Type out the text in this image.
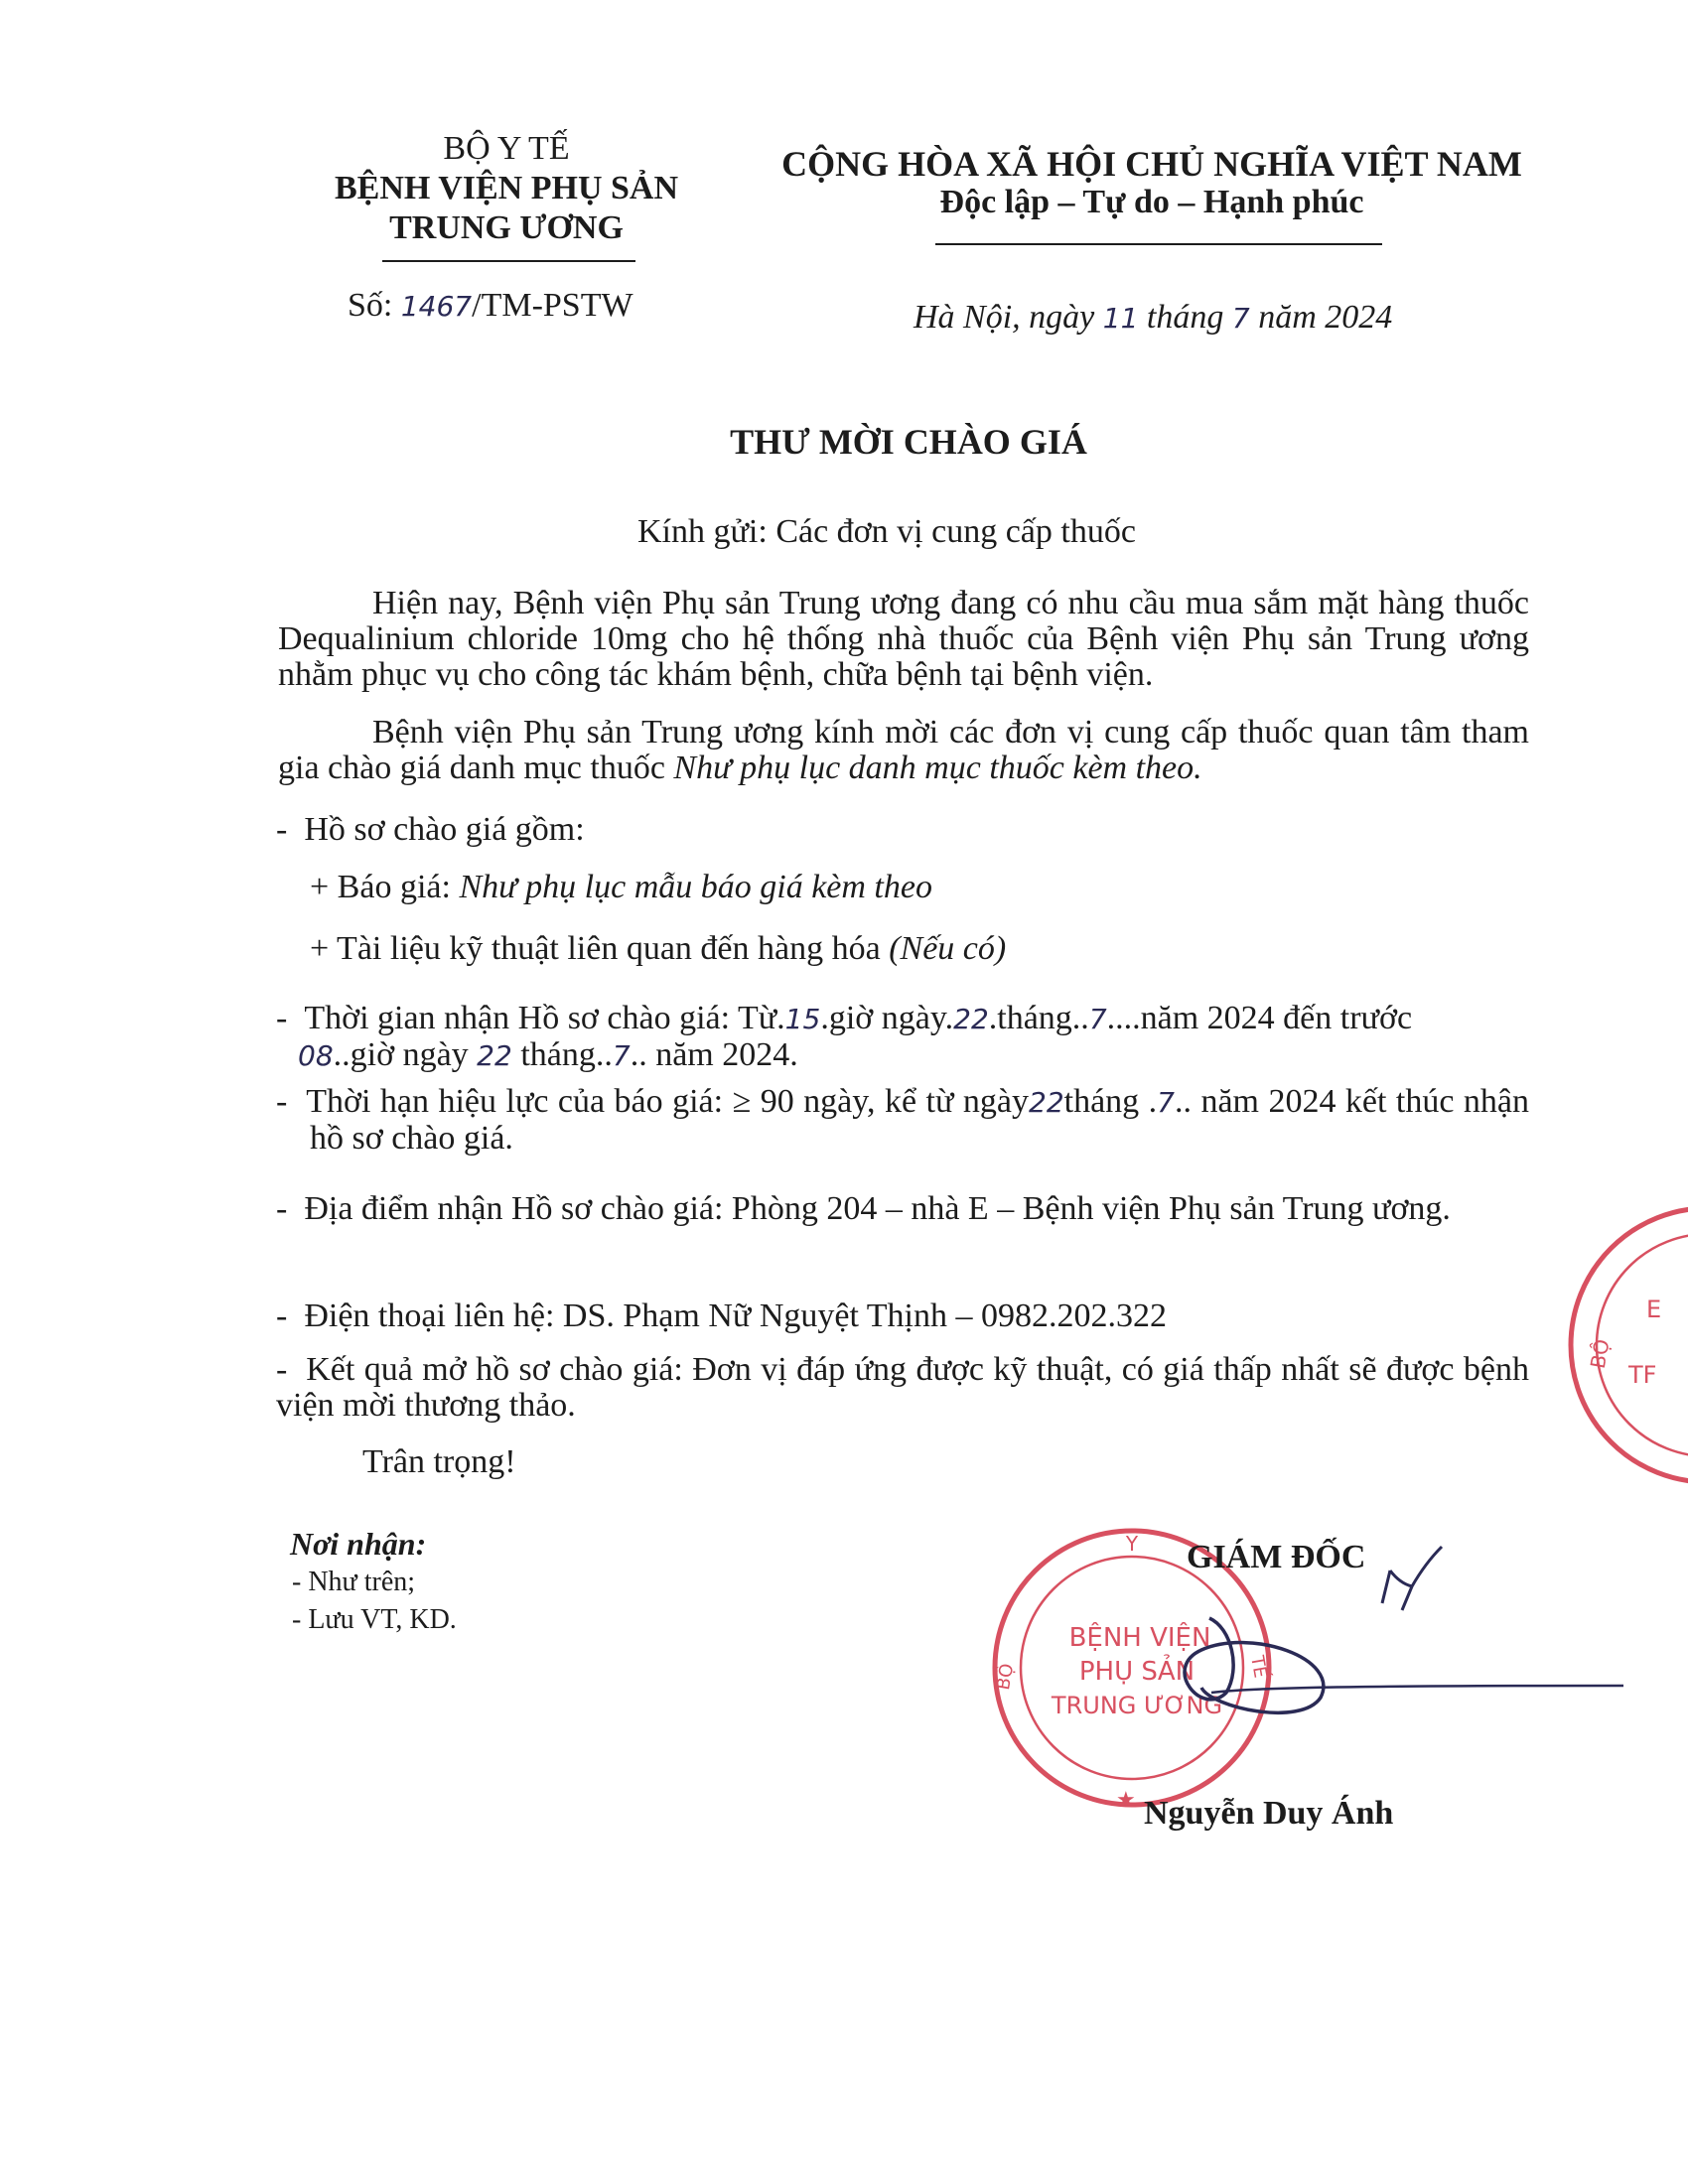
BỘ Y TẾ
BỆNH VIỆN PHỤ SẢN
TRUNG ƯƠNG
Số: 1467/TM-PSTW
CỘNG HÒA XÃ HỘI CHỦ NGHĨA VIỆT NAM
Độc lập – Tự do – Hạnh phúc
Hà Nội, ngày 11 tháng 7 năm 2024
THƯ MỜI CHÀO GIÁ
Kính gửi: Các đơn vị cung cấp thuốc
Hiện nay, Bệnh viện Phụ sản Trung ương đang có nhu cầu mua sắm mặt hàng thuốc Dequalinium chloride 10mg cho hệ thống nhà thuốc của Bệnh viện Phụ sản Trung ương nhằm phục vụ cho công tác khám bệnh, chữa bệnh tại bệnh viện.
Bệnh viện Phụ sản Trung ương kính mời các đơn vị cung cấp thuốc quan tâm tham gia chào giá danh mục thuốc Như phụ lục danh mục thuốc kèm theo.
-  Hồ sơ chào giá gồm:
+ Báo giá: Như phụ lục mẫu báo giá kèm theo
+ Tài liệu kỹ thuật liên quan đến hàng hóa (Nếu có)
-  Thời gian nhận Hồ sơ chào giá: Từ.15.giờ ngày.22.tháng..7....năm 2024 đến trước
08..giờ ngày 22 tháng..7.. năm 2024.
-  Thời hạn hiệu lực của báo giá: ≥ 90 ngày, kể từ ngày22tháng .7.. năm 2024 kết thúc nhận hồ sơ chào giá.
-  Địa điểm nhận Hồ sơ chào giá: Phòng 204 – nhà E – Bệnh viện Phụ sản Trung ương.
-  Điện thoại liên hệ: DS. Phạm Nữ Nguyệt Thịnh – 0982.202.322
-  Kết quả mở hồ sơ chào giá: Đơn vị đáp ứng được kỹ thuật, có giá thấp nhất sẽ được bệnh viện mời thương thảo.
Trân trọng!
Nơi nhận:
- Như trên;
- Lưu VT, KD.
Y
BỘ	TẾ
BỆNH VIỆN
PHỤ SẢN
TRUNG ƯƠNG
★
BỘ
E
TF
GIÁM ĐỐC
Nguyễn Duy Ánh
